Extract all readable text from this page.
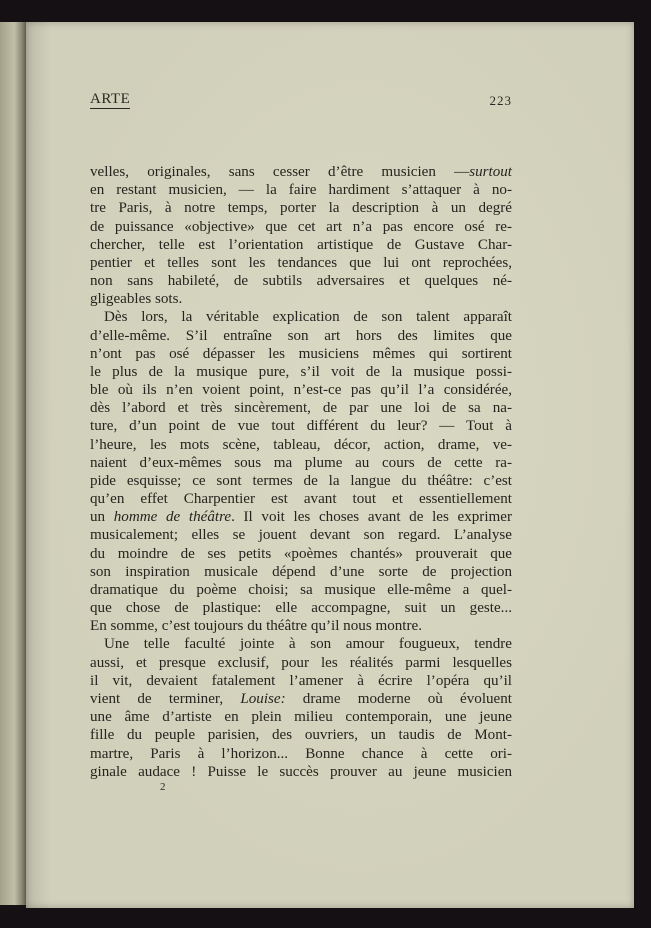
ARTE	223
velles, originales, sans cesser d’être musicien —surtout
en restant musicien, — la faire hardiment s’attaquer à no-
tre Paris, à notre temps, porter la description à un degré
de puissance «objective» que cet art n’a pas encore osé re-
chercher, telle est l’orientation artistique de Gustave Char-
pentier et telles sont les tendances que lui ont reprochées,
non sans habileté, de subtils adversaires et quelques né-
gligeables sots.
Dès lors, la véritable explication de son talent apparaît
d’elle-même. S’il entraîne son art hors des limites que
n’ont pas osé dépasser les musiciens mêmes qui sortirent
le plus de la musique pure, s’il voit de la musique possi-
ble où ils n’en voient point, n’est-ce pas qu’il l’a considérée,
dès l’abord et très sincèrement, de par une loi de sa na-
ture, d’un point de vue tout différent du leur? — Tout à
l’heure, les mots scène, tableau, décor, action, drame, ve-
naient d’eux-mêmes sous ma plume au cours de cette ra-
pide esquisse; ce sont termes de la langue du théâtre: c’est
qu’en effet Charpentier est avant tout et essentiellement
un homme de théâtre. Il voit les choses avant de les exprimer
musicalement; elles se jouent devant son regard. L’analyse
du moindre de ses petits «poèmes chantés» prouverait que
son inspiration musicale dépend d’une sorte de projection
dramatique du poème choisi; sa musique elle-même a quel-
que chose de plastique: elle accompagne, suit un geste...
En somme, c’est toujours du théâtre qu’il nous montre.
Une telle faculté jointe à son amour fougueux, tendre
aussi, et presque exclusif, pour les réalités parmi lesquelles
il vit, devaient fatalement l’amener à écrire l’opéra qu’il
vient de terminer, Louise: drame moderne où évoluent
une âme d’artiste en plein milieu contemporain, une jeune
fille du peuple parisien, des ouvriers, un taudis de Mont-
martre, Paris à l’horizon... Bonne chance à cette ori-
ginale audace ! Puisse le succès prouver au jeune musicien
2
